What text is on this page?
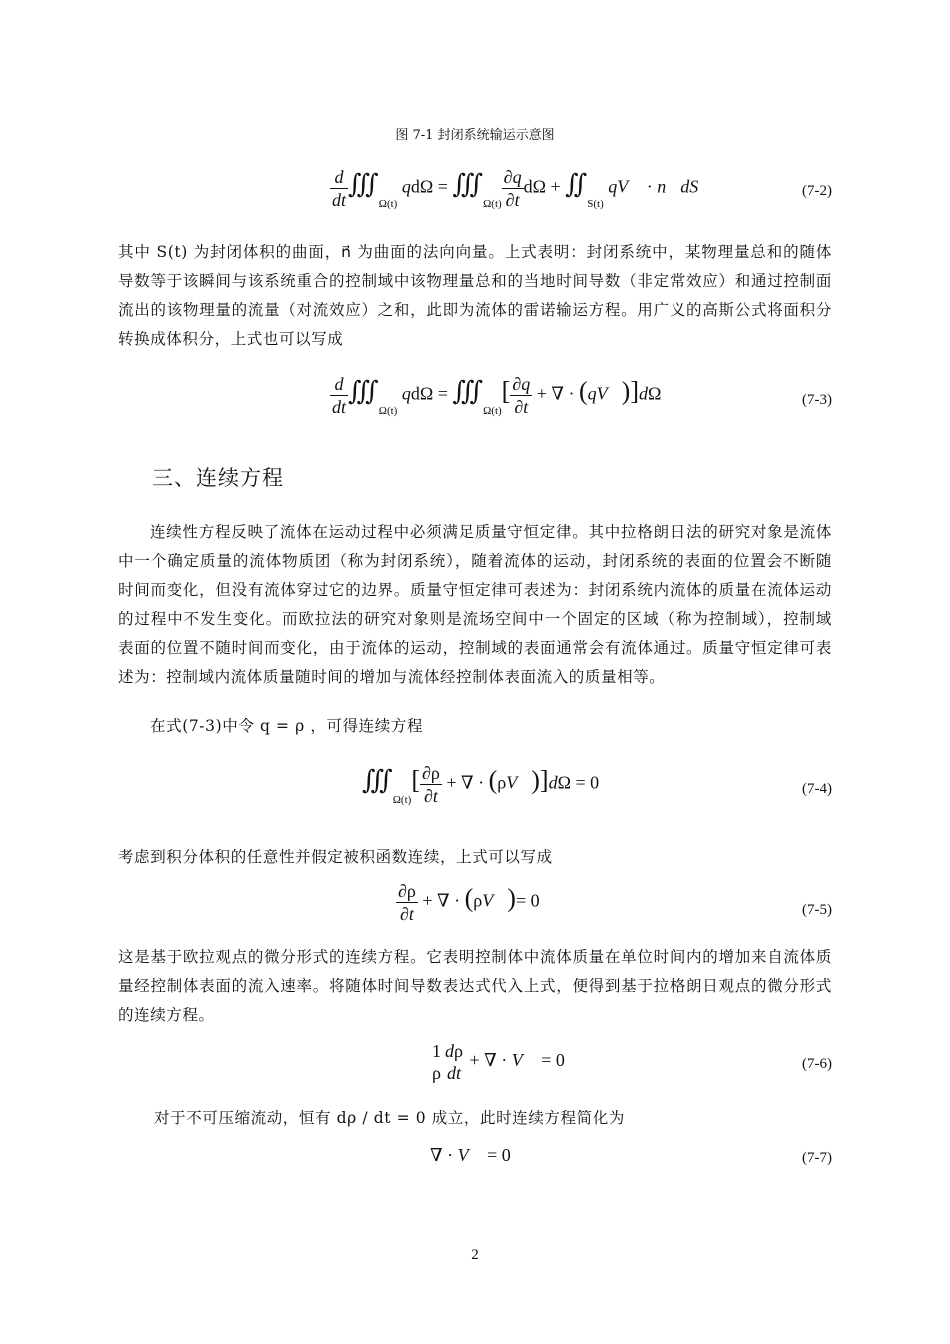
图 7-1 封闭系统输运示意图
$\frac{d}{dt}$ $∭_{\Omega(t)}$ $qd\Omega = ∭_{\Omega(t)} \frac{\partial q}{\partial t}$ $d\Omega + ∬_{S(t)}$ qV⃗ · n⃗dS	(7-2)
其中 S(t) 为封闭体积的曲面，n⃗ 为曲面的法向向量。上式表明：封闭系统中，某物理量总和的随体导数等于该瞬间与该系统重合的控制域中该物理量总和的当地时间导数（非定常效应）和通过控制面流出的该物理量的流量（对流效应）之和，此即为流体的雷诺输运方程。用广义的高斯公式将面积分转换成体积分，上式也可以写成
$\frac{d}{dt}$ $∭_{\Omega(t)}$ $qd\Omega = ∭_{\Omega(t)}[ \frac{\partial q}{\partial t}$ + ∇ · (qV⃗)]dΩ	(7-3)
三、连续方程
连续性方程反映了流体在运动过程中必须满足质量守恒定律。其中拉格朗日法的研究对象是流体中一个确定质量的流体物质团（称为封闭系统），随着流体的运动，封闭系统的表面的位置会不断随时间而变化，但没有流体穿过它的边界。质量守恒定律可表述为：封闭系统内流体的质量在流体运动的过程中不发生变化。而欧拉法的研究对象则是流场空间中一个固定的区域（称为控制域），控制域表面的位置不随时间而变化，由于流体的运动，控制域的表面通常会有流体通过。质量守恒定律可表述为：控制域内流体质量随时间的增加与流体经控制体表面流入的质量相等。
在式(7-3)中令 q = ρ ，可得连续方程
$∭_{\Omega(t)}[ \frac{\partial\rho}{\partial t}$ + ∇ · (ρV⃗)]dΩ = 0	(7-4)
考虑到积分体积的任意性并假定被积函数连续，上式可以写成
$\frac{\partial\rho}{\partial t}$ + ∇ · (ρV⃗)= 0	(7-5)
这是基于欧拉观点的微分形式的连续方程。它表明控制体中流体质量在单位时间内的增加来自流体质量经控制体表面的流入速率。将随体时间导数表达式代入上式，便得到基于拉格朗日观点的微分形式的连续方程。
1
ρ
dρ
dt
+ ∇ · V⃗ = 0	(7-6)
对于不可压缩流动，恒有 dρ / dt = 0 成立，此时连续方程简化为
∇ · V⃗ = 0	(7-7)
2
